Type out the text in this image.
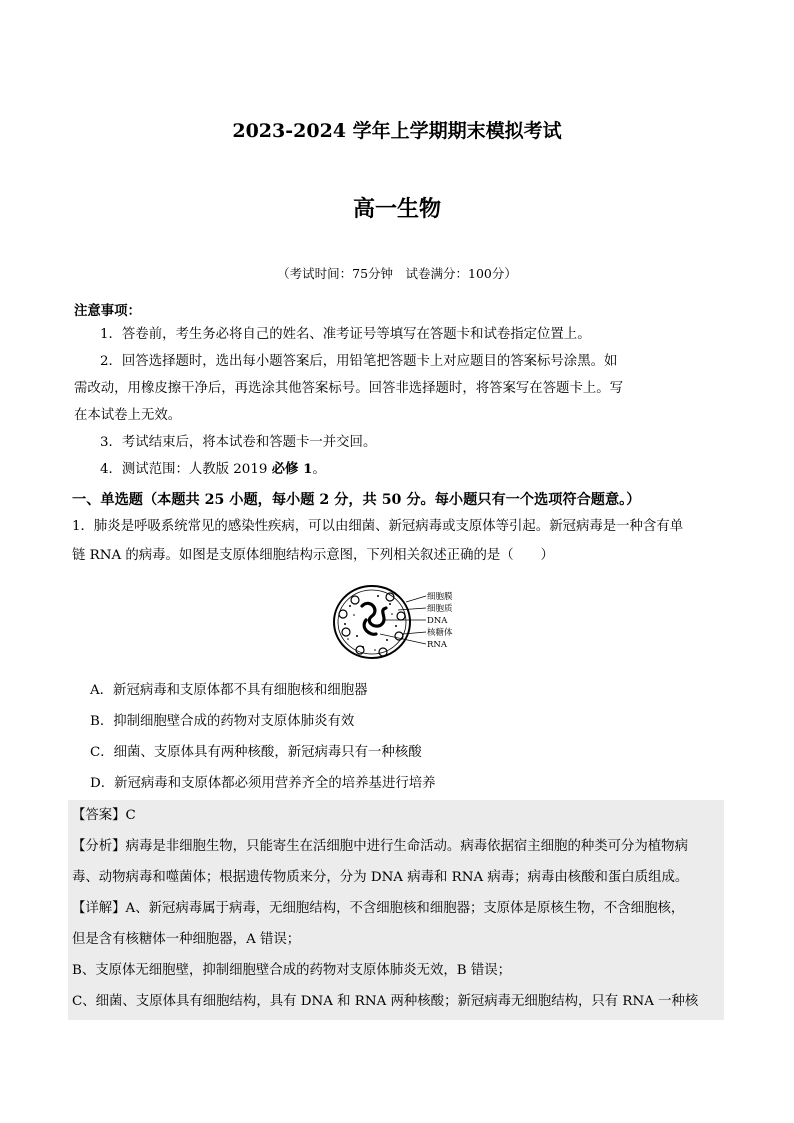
2023-2024 学年上学期期末模拟考试
高一生物
（考试时间：75分钟　试卷满分：100分）
注意事项：
1．答卷前，考生务必将自己的姓名、准考证号等填写在答题卡和试卷指定位置上。
2．回答选择题时，选出每小题答案后，用铅笔把答题卡上对应题目的答案标号涂黑。如
需改动，用橡皮擦干净后，再选涂其他答案标号。回答非选择题时，将答案写在答题卡上。写
在本试卷上无效。
3．考试结束后，将本试卷和答题卡一并交回。
4．测试范围：人教版 2019 必修 1。
一、单选题（本题共 25 小题，每小题 2 分，共 50 分。每小题只有一个选项符合题意。）
1．肺炎是呼吸系统常见的感染性疾病，可以由细菌、新冠病毒或支原体等引起。新冠病毒是一种含有单
链 RNA 的病毒。如图是支原体细胞结构示意图，下列相关叙述正确的是（　　）
细胞膜
细胞质
DNA
核糖体
RNA
A．新冠病毒和支原体都不具有细胞核和细胞器
B．抑制细胞壁合成的药物对支原体肺炎有效
C．细菌、支原体具有两种核酸，新冠病毒只有一种核酸
D．新冠病毒和支原体都必须用营养齐全的培养基进行培养
【答案】C
【分析】病毒是非细胞生物，只能寄生在活细胞中进行生命活动。病毒依据宿主细胞的种类可分为植物病
毒、动物病毒和噬菌体；根据遗传物质来分，分为 DNA 病毒和 RNA 病毒；病毒由核酸和蛋白质组成。
【详解】A、新冠病毒属于病毒，无细胞结构，不含细胞核和细胞器；支原体是原核生物，不含细胞核，
但是含有核糖体一种细胞器，A 错误；
B、支原体无细胞壁，抑制细胞壁合成的药物对支原体肺炎无效，B 错误；
C、细菌、支原体具有细胞结构，具有 DNA 和 RNA 两种核酸；新冠病毒无细胞结构，只有 RNA 一种核
